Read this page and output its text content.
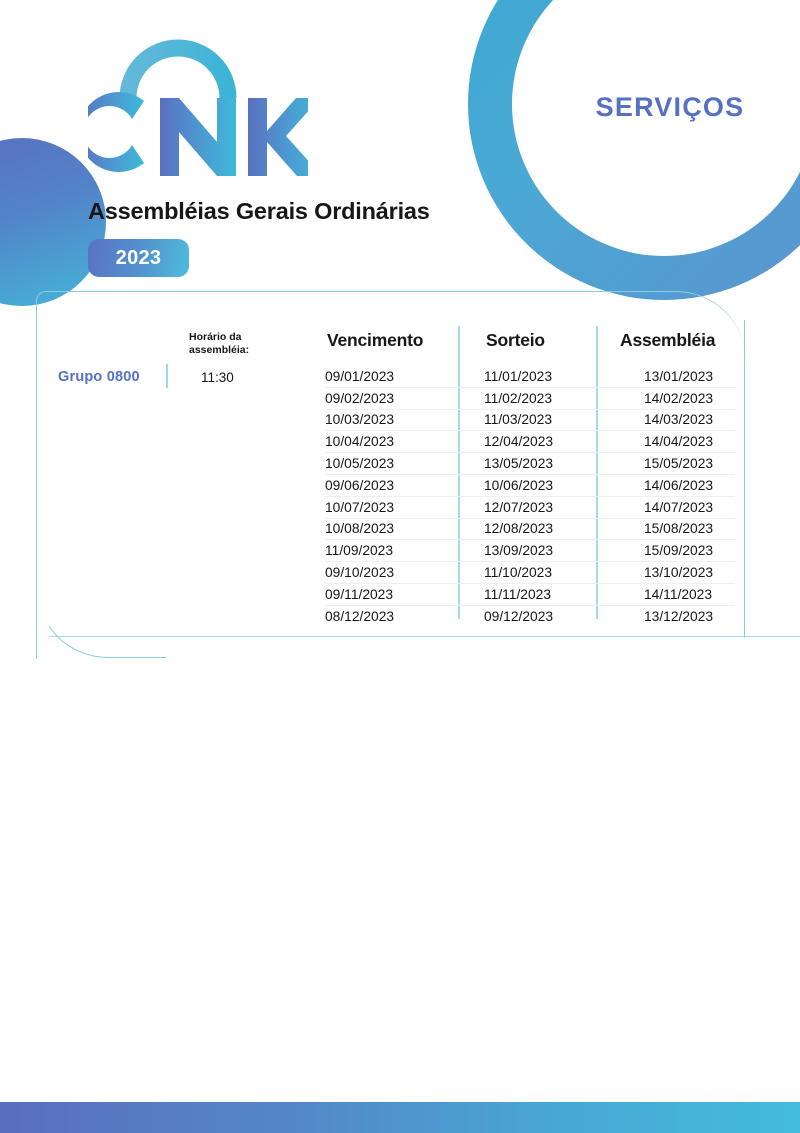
SERVIÇOS
Assembléias Gerais Ordinárias
2023
Grupo 0800
Horário da assembléia:
11:30
Vencimento	Sorteio	Assembléia
09/01/2023	11/01/2023	13/01/2023
09/02/2023	11/02/2023	14/02/2023
10/03/2023	11/03/2023	14/03/2023
10/04/2023	12/04/2023	14/04/2023
10/05/2023	13/05/2023	15/05/2023
09/06/2023	10/06/2023	14/06/2023
10/07/2023	12/07/2023	14/07/2023
10/08/2023	12/08/2023	15/08/2023
11/09/2023	13/09/2023	15/09/2023
09/10/2023	11/10/2023	13/10/2023
09/11/2023	11/11/2023	14/11/2023
08/12/2023	09/12/2023	13/12/2023
